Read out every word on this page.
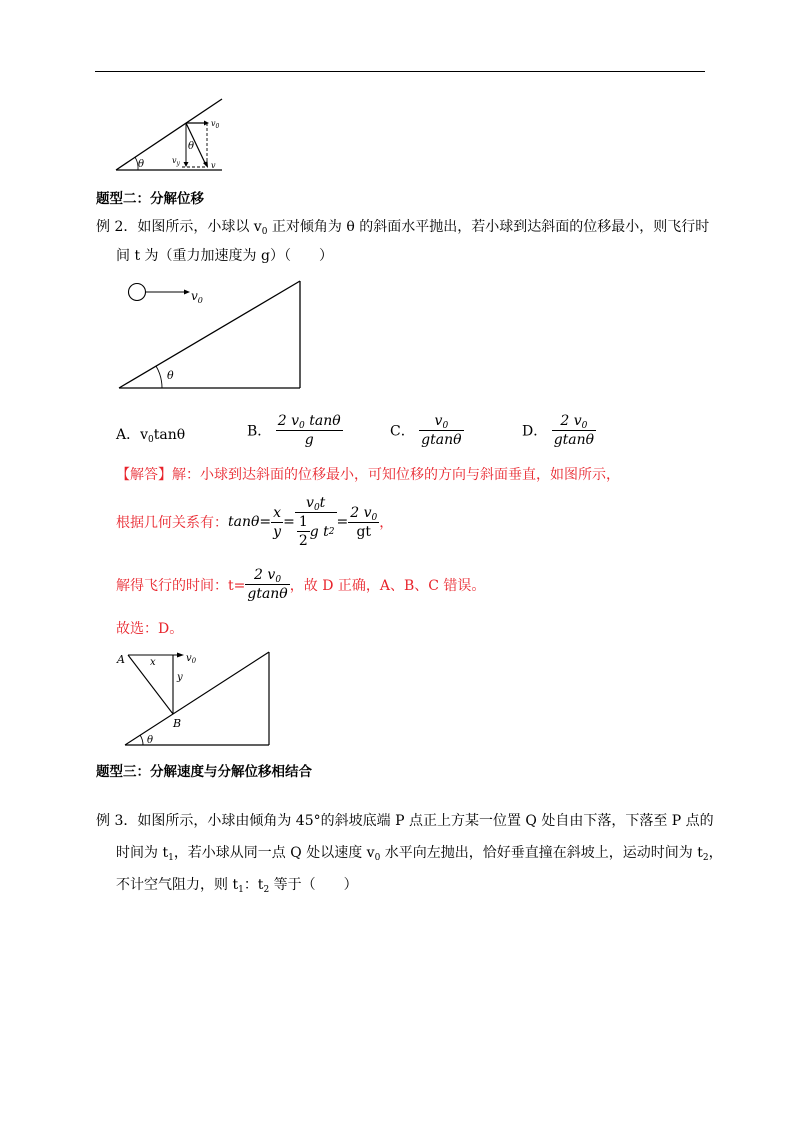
θ
$v_0$
θ
$v_y$	v
题型二：分解位移
例 2．如图所示，小球以 $v_0$ 正对倾角为 θ 的斜面水平抛出，若小球到达斜面的位移最小，则飞行时
间 t 为（重力加速度为 g）（　　）
$v_0$
θ
A．$v_0\tan\theta$	B． $\frac{2 v_0 \tan\theta}{g}$	C． $\frac{v_0}{gtan\theta}$	D． $\frac{2 v_0}{gtan\theta}$
【解答】解：小球到达斜面的位移最小，可知位移的方向与斜面垂直，如图所示，
根据几何关系有： $\tan\theta = \frac{x}{y} = \frac{v_0t}{\frac{1}{2} g t 2} = \frac{2 v_0}{gt}$ ，
解得飞行的时间：$t= \frac{2 v_0}{gtan\theta}$ ，故 D 正确，A、B、C 错误。
故选：D。
A	$v_0$
x
y
B
θ
题型三：分解速度与分解位移相结合
例 3．如图所示，小球由倾角为 45°的斜坡底端 P 点正上方某一位置 Q 处自由下落，下落至 P 点的
时间为 $t_1$，若小球从同一点 Q 处以速度 $v_0$ 水平向左抛出，恰好垂直撞在斜坡上，运动时间为 $t_2$，
不计空气阻力，则 $t_1$：$t_2$ 等于（　　）
